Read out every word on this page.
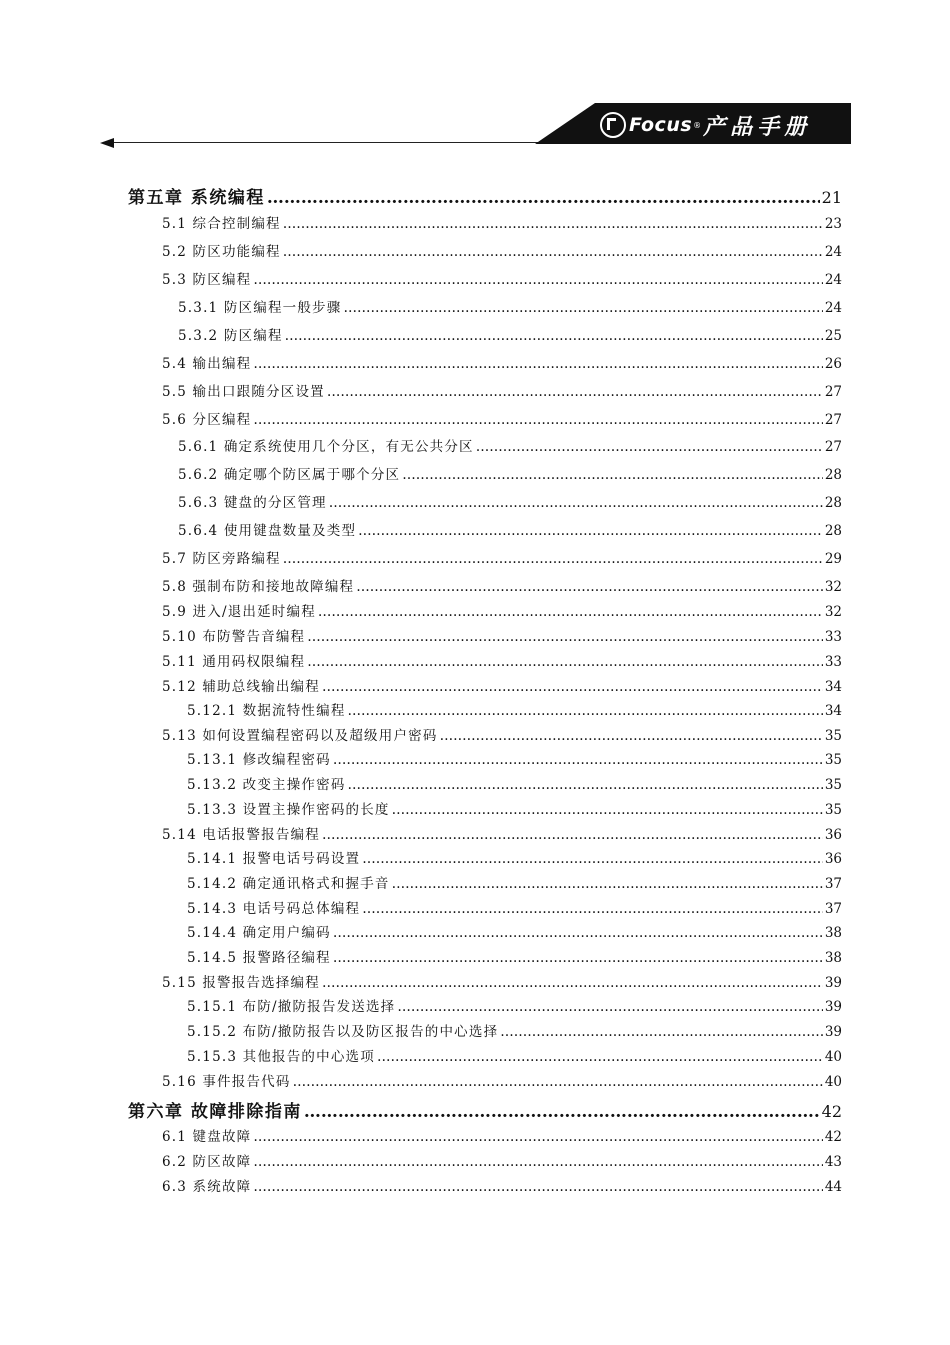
Focus ® 产品手册
第五章 系统编程 ……………………………………………………………………………………………………………………………………………………………………………………………………………………………	21
5.1 综合控制编程 ……………………………………………………………………………………………………………………………………………………………………………………………………………………………	23
5.2 防区功能编程 ……………………………………………………………………………………………………………………………………………………………………………………………………………………………	24
5.3 防区编程 ……………………………………………………………………………………………………………………………………………………………………………………………………………………………	24
5.3.1 防区编程一般步骤 ……………………………………………………………………………………………………………………………………………………………………………………………………………………………	24
5.3.2 防区编程 ……………………………………………………………………………………………………………………………………………………………………………………………………………………………	25
5.4 输出编程 ……………………………………………………………………………………………………………………………………………………………………………………………………………………………	26
5.5 输出口跟随分区设置 ……………………………………………………………………………………………………………………………………………………………………………………………………………………………	27
5.6 分区编程 ……………………………………………………………………………………………………………………………………………………………………………………………………………………………	27
5.6.1 确定系统使用几个分区，有无公共分区 ……………………………………………………………………………………………………………………………………………………………………………………………………………………………	27
5.6.2 确定哪个防区属于哪个分区 ……………………………………………………………………………………………………………………………………………………………………………………………………………………………	28
5.6.3 键盘的分区管理 ……………………………………………………………………………………………………………………………………………………………………………………………………………………………	28
5.6.4 使用键盘数量及类型 ……………………………………………………………………………………………………………………………………………………………………………………………………………………………	28
5.7 防区旁路编程 ……………………………………………………………………………………………………………………………………………………………………………………………………………………………	29
5.8 强制布防和接地故障编程 ……………………………………………………………………………………………………………………………………………………………………………………………………………………………	32
5.9 进入/退出延时编程 ……………………………………………………………………………………………………………………………………………………………………………………………………………………………	32
5.10 布防警告音编程 ……………………………………………………………………………………………………………………………………………………………………………………………………………………………	33
5.11 通用码权限编程 ……………………………………………………………………………………………………………………………………………………………………………………………………………………………	33
5.12 辅助总线输出编程 ……………………………………………………………………………………………………………………………………………………………………………………………………………………………	34
5.12.1 数据流特性编程 ……………………………………………………………………………………………………………………………………………………………………………………………………………………………	34
5.13 如何设置编程密码以及超级用户密码 ……………………………………………………………………………………………………………………………………………………………………………………………………………………………	35
5.13.1 修改编程密码 ……………………………………………………………………………………………………………………………………………………………………………………………………………………………	35
5.13.2 改变主操作密码 ……………………………………………………………………………………………………………………………………………………………………………………………………………………………	35
5.13.3 设置主操作密码的长度 ……………………………………………………………………………………………………………………………………………………………………………………………………………………………	35
5.14 电话报警报告编程 ……………………………………………………………………………………………………………………………………………………………………………………………………………………………	36
5.14.1 报警电话号码设置 ……………………………………………………………………………………………………………………………………………………………………………………………………………………………	36
5.14.2 确定通讯格式和握手音 ……………………………………………………………………………………………………………………………………………………………………………………………………………………………	37
5.14.3 电话号码总体编程 ……………………………………………………………………………………………………………………………………………………………………………………………………………………………	37
5.14.4 确定用户编码 ……………………………………………………………………………………………………………………………………………………………………………………………………………………………	38
5.14.5 报警路径编程 ……………………………………………………………………………………………………………………………………………………………………………………………………………………………	38
5.15 报警报告选择编程 ……………………………………………………………………………………………………………………………………………………………………………………………………………………………	39
5.15.1 布防/撤防报告发送选择 ……………………………………………………………………………………………………………………………………………………………………………………………………………………………	39
5.15.2 布防/撤防报告以及防区报告的中心选择 ……………………………………………………………………………………………………………………………………………………………………………………………………………………………	39
5.15.3 其他报告的中心选项 ……………………………………………………………………………………………………………………………………………………………………………………………………………………………	40
5.16 事件报告代码 ……………………………………………………………………………………………………………………………………………………………………………………………………………………………	40
第六章 故障排除指南 ……………………………………………………………………………………………………………………………………………………………………………………………………………………………	42
6.1 键盘故障 ……………………………………………………………………………………………………………………………………………………………………………………………………………………………	42
6.2 防区故障 ……………………………………………………………………………………………………………………………………………………………………………………………………………………………	43
6.3 系统故障 ……………………………………………………………………………………………………………………………………………………………………………………………………………………………	44
